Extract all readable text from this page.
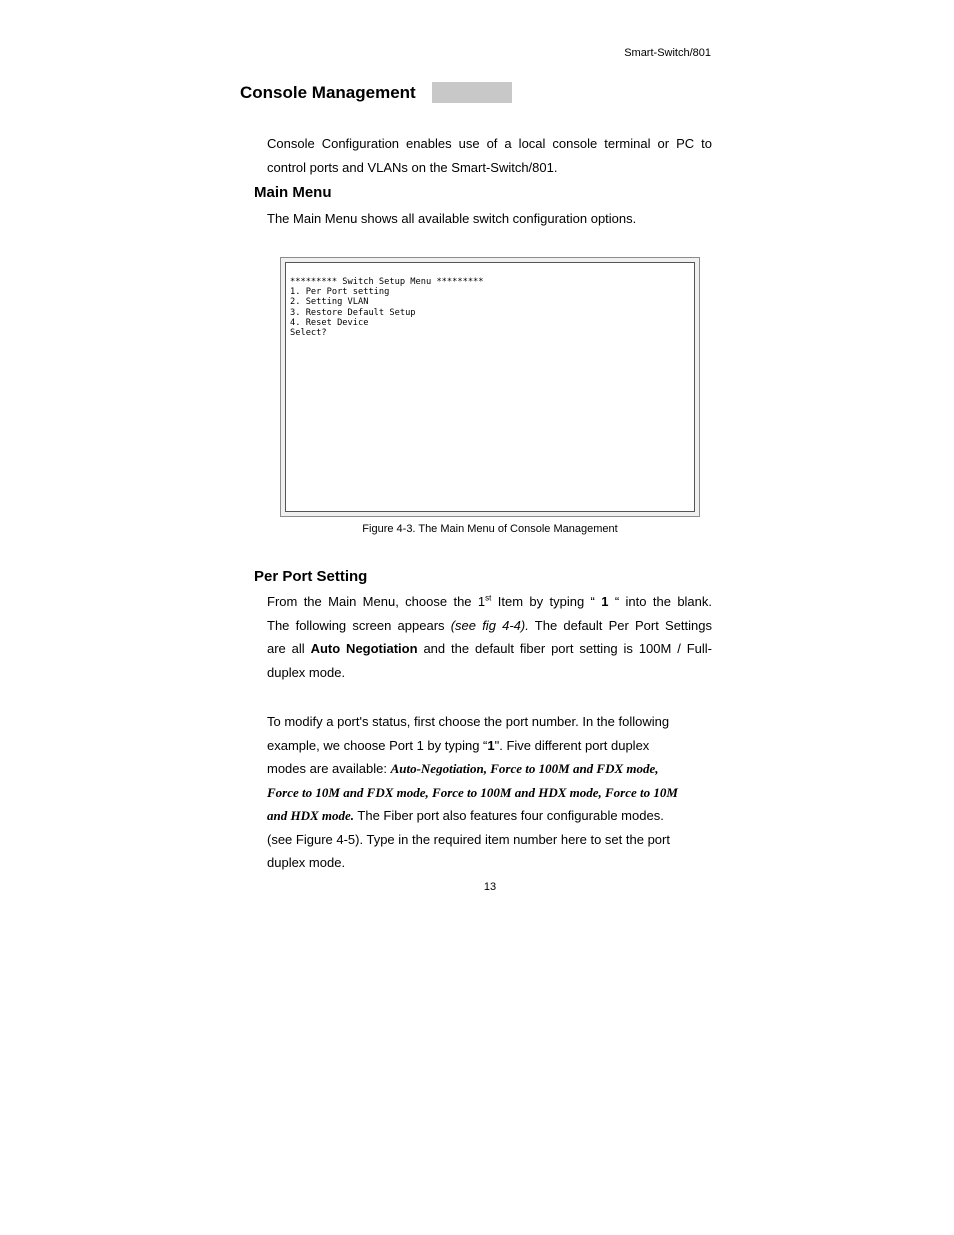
Smart-Switch/801
Console Management
Console Configuration enables use of a local console terminal or PC to
control ports and VLANs on the Smart-Switch/801.
Main Menu
The Main Menu shows all available switch configuration options.
********* Switch Setup Menu *********
1. Per Port setting
2. Setting VLAN
3. Restore Default Setup
4. Reset Device
Select?
Figure 4-3. The Main Menu of Console Management
Per Port Setting
From the Main Menu, choose the 1st Item by typing “ 1 “ into the blank.
The following screen appears (see fig 4-4). The default Per Port Settings
are all Auto Negotiation and the default fiber port setting is 100M / Full-
duplex mode.
To modify a port's status, first choose the port number. In the following
example, we choose Port 1 by typing “1". Five different port duplex
modes are available: Auto-Negotiation, Force to 100M and FDX mode,
Force to 10M and FDX mode, Force to 100M and HDX mode, Force to 10M
and HDX mode. The Fiber port also features four configurable modes.
(see Figure 4-5). Type in the required item number here to set the port
duplex mode.
13
